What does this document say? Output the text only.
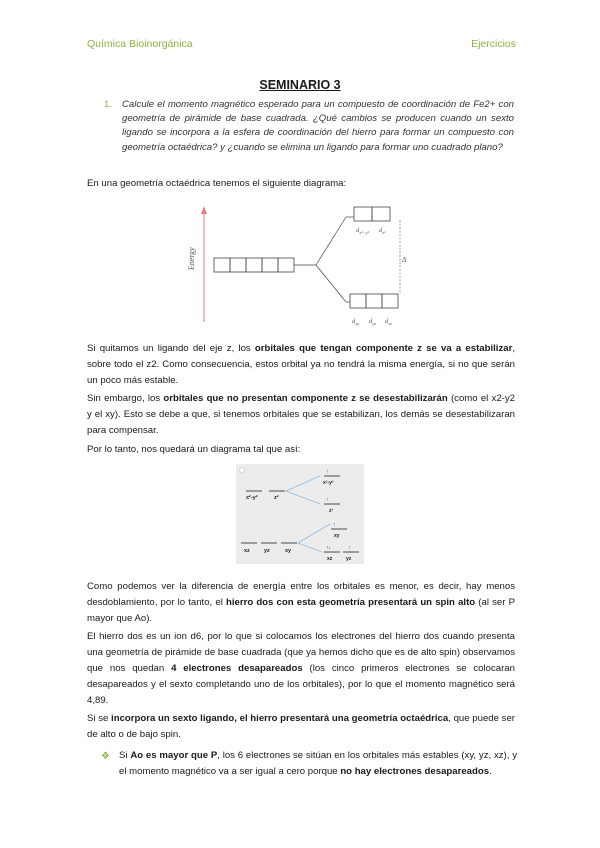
Química Bioinorgánica	Ejercicios
SEMINARIO 3
1. Calcule el momento magnético esperado para un compuesto de coordinación de Fe2+ con geometría de pirámide de base cuadrada. ¿Qué cambios se producen cuando un sexto ligando se incorpora a la esfera de coordinación del hierro para formar un compuesto con geometría octaédrica? y ¿cuando se elimina un ligando para formar uno cuadrado plano?
En una geometría octaédrica tenemos el siguiente diagrama:
Energy
$d_{x^2-y^2}$ $d_{z^2}$
Δ
$d_{xy}$ $d_{yz}$ $d_{xz}$
Si quitamos un ligando del eje z, los orbitales que tengan componente z se va a estabilizar, sobre todo el z2. Como consecuencia, estos orbital ya no tendrá la misma energía, si no que serán un poco más estable.
Sin embargo, los orbitales que no presentan componente z se desestabilizarán (como el x2-y2 y el xy). Esto se debe a que, si tenemos orbitales que se estabilizan, los demás se desestabilizaran para compensar.
Por lo tanto, nos quedará un diagrama tal que así:
x²-y²	z²
xz	yz	xy
↑
x²-y²
↑
z²
↑
xy
↑↓	↑
xz	yz
Como podemos ver la diferencia de energía entre los orbitales es menor, es decir, hay menos desdoblamiento, por lo tanto, el hierro dos con esta geometría presentará un spin alto (al ser P mayor que Ao).
El hierro dos es un ion d6, por lo que si colocamos los electrones del hierro dos cuando presenta una geometría de pirámide de base cuadrada (que ya hemos dicho que es de alto spin) observamos que nos quedan 4 electrones desapareados (los cinco primeros electrones se colocaran desapareados y el sexto completando uno de los orbitales), por lo que el momento magnético será 4,89.
Si se incorpora un sexto ligando, el hierro presentará una geometría octaédrica, que puede ser de alto o de bajo spin.
❖ Si Ao es mayor que P, los 6 electrones se sitúan en los orbitales más estables (xy, yz, xz), y el momento magnético va a ser igual a cero porque no hay electrones desapareados.
